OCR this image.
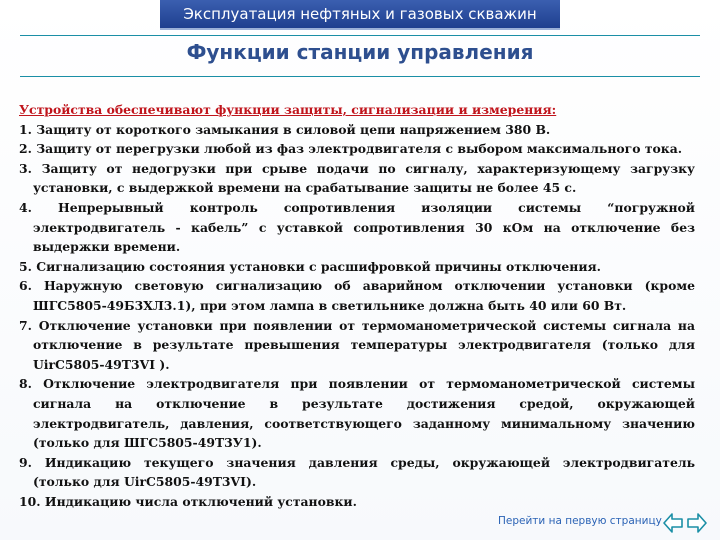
Эксплуатация нефтяных и газовых скважин
Функции станции управления
Устройства обеспечивают функции защиты, сигнализации и измерения:
1. Защиту от короткого замыкания в силовой цепи напряжением 380 В.
2. Защиту от перегрузки любой из фаз электродвигателя с выбором максимального тока.
3. Защиту от недогрузки при срыве подачи по сигналу, характеризующему загрузку установки, с выдержкой времени на срабатывание защиты не более 45 с.
4. Непрерывный контроль сопротивления изоляции системы “погружной электродвигатель - кабель” с уставкой сопротивления 30 кОм на отключение без выдержки времени.
5. Сигнализацию состояния установки с расшифровкой причины отключения.
6. Наружную световую сигнализацию об аварийном отключении установки (кроме ШГС5805-49Б3ХЛ3.1), при этом лампа в светильнике должна быть 40 или 60 Вт.
7. Отключение установки при появлении от термоманометрической системы сигнала на отключение в результате превышения температуры электродвигателя (только для UirC5805-49T3VI ).
8. Отключение электродвигателя при появлении от термоманометрической системы сигнала на отключение в результате достижения средой, окружающей электродвигатель, давления, соответствующего заданному минимальному значению (только для ШГС5805-49Т3У1).
9. Индикацию текущего значения давления среды, окружающей электродвигатель (только для UirC5805-49T3VI).
10. Индикацию числа отключений установки.
Перейти на первую страницу
